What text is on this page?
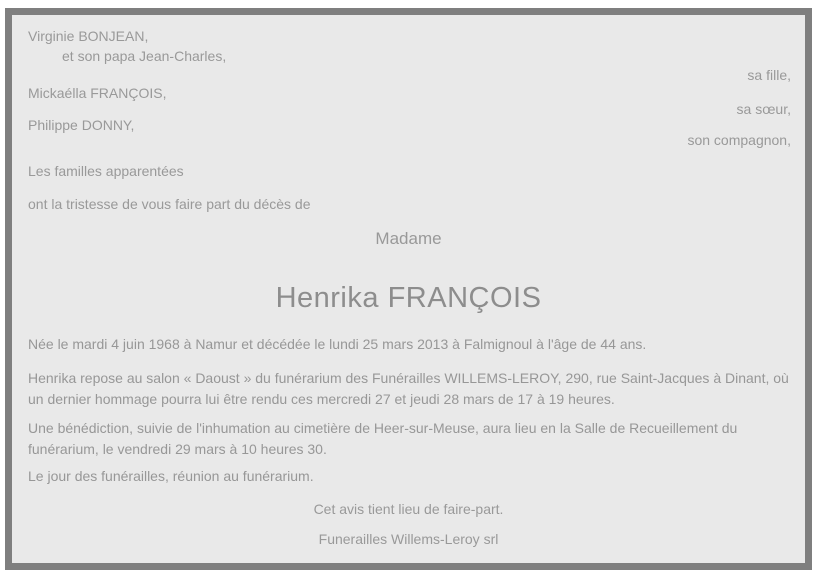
Virginie BONJEAN,
et son papa Jean-Charles,
sa fille,
Mickaélla FRANÇOIS,
sa sœur,
Philippe DONNY,
son compagnon,
Les familles apparentées
ont la tristesse de vous faire part du décès de
Madame
Henrika FRANÇOIS
Née le mardi 4 juin 1968 à Namur et décédée le lundi 25 mars 2013 à Falmignoul à l'âge de 44 ans.
Henrika repose au salon « Daoust » du funérarium des Funérailles WILLEMS-LEROY, 290, rue Saint-Jacques à Dinant, où un dernier hommage pourra lui être rendu ces mercredi 27 et jeudi 28 mars de 17 à 19 heures.
Une bénédiction, suivie de l'inhumation au cimetière de Heer-sur-Meuse, aura lieu en la Salle de Recueillement du funérarium, le vendredi 29 mars à 10 heures 30.
Le jour des funérailles, réunion au funérarium.
Cet avis tient lieu de faire-part.
Funerailles Willems-Leroy srl
